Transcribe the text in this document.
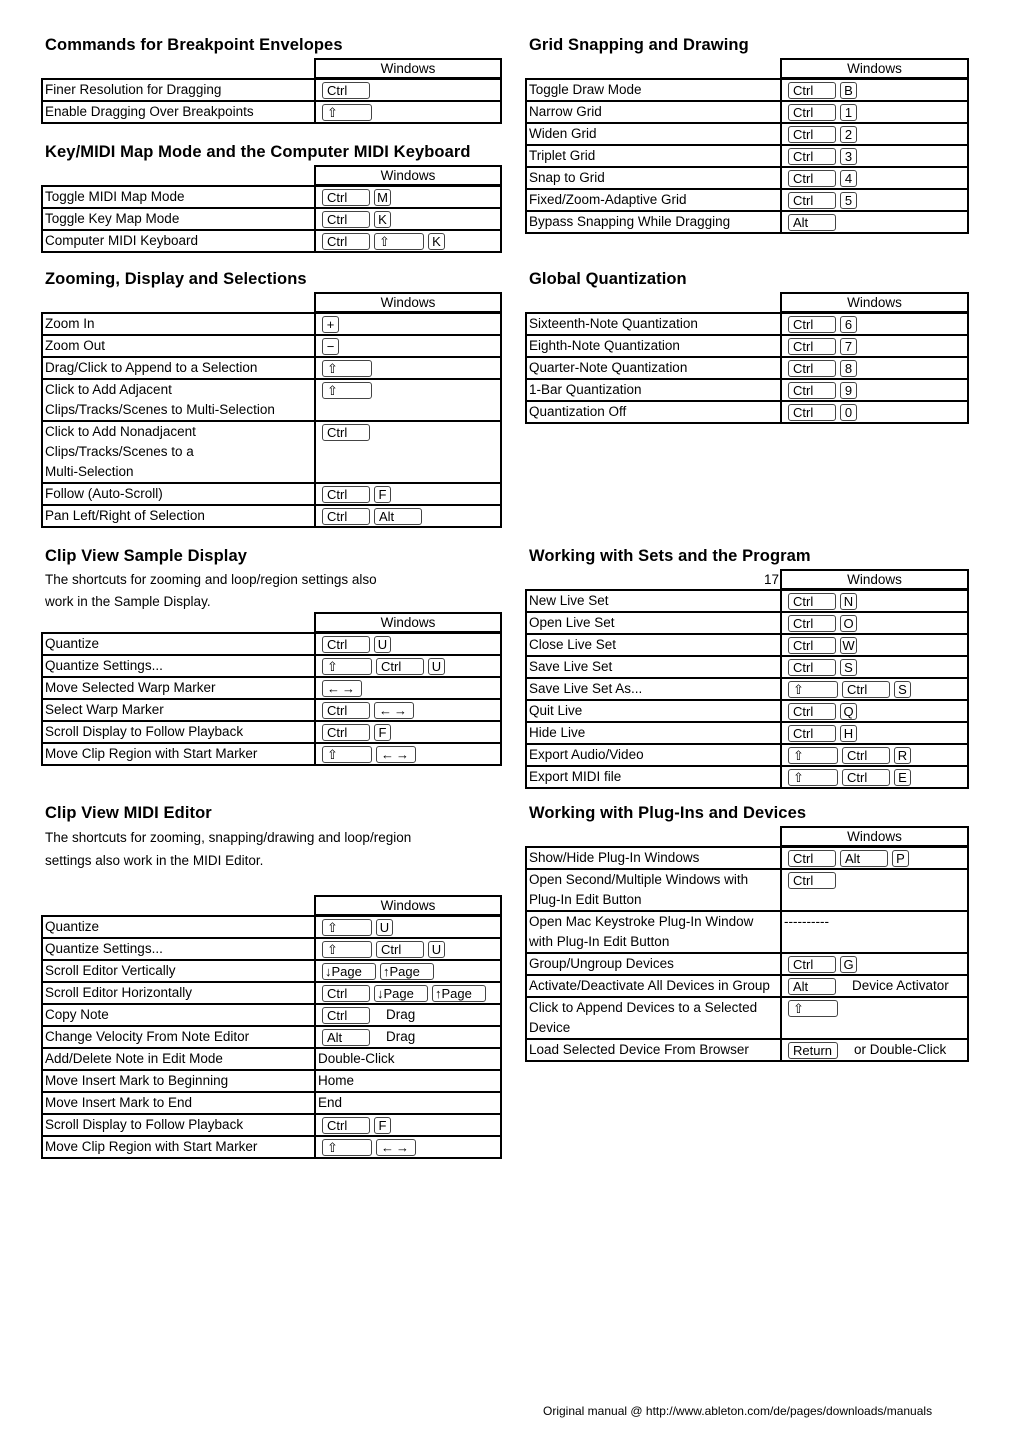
Commands for Breakpoint Envelopes
Windows
Finer Resolution for Dragging	Ctrl
Enable Dragging Over Breakpoints	⇧
Key/MIDI Map Mode and the Computer MIDI Keyboard
Windows
Toggle MIDI Map Mode	Ctrl M
Toggle Key Map Mode	Ctrl K
Computer MIDI Keyboard	Ctrl ⇧ K
Zooming, Display and Selections
Windows
Zoom In	+
Zoom Out	−
Drag/Click to Append to a Selection	⇧

Click to Add Adjacent
Clips/Tracks/Scenes to Multi-Selection	⇧

Click to Add Nonadjacent
Clips/Tracks/Scenes to a
Multi-Selection	Ctrl
Follow (Auto-Scroll)	Ctrl F
Pan Left/Right of Selection	Ctrl Alt
Clip View Sample Display
The shortcuts for zooming and loop/region settings also
work in the Sample Display.
Windows
Quantize	Ctrl U
Quantize Settings...	⇧ Ctrl U
Move Selected Warp Marker	←→
Select Warp Marker	Ctrl ←→
Scroll Display to Follow Playback	Ctrl F
Move Clip Region with Start Marker	⇧ ←→
Clip View MIDI Editor
The shortcuts for zooming, snapping/drawing and loop/region
settings also work in the MIDI Editor.
Windows
Quantize	⇧ U
Quantize Settings...	⇧ Ctrl U
Scroll Editor Vertically	↓Page ↑Page
Scroll Editor Horizontally	Ctrl ↓Page ↑Page
Copy Note	Ctrl Drag
Change Velocity From Note Editor	Alt Drag
Add/Delete Note in Edit Mode	Double-Click
Move Insert Mark to Beginning	Home
Move Insert Mark to End	End
Scroll Display to Follow Playback	Ctrl F
Move Clip Region with Start Marker	⇧ ←→
Grid Snapping and Drawing
Windows
Toggle Draw Mode	Ctrl B
Narrow Grid	Ctrl 1
Widen Grid	Ctrl 2
Triplet Grid	Ctrl 3
Snap to Grid	Ctrl 4
Fixed/Zoom-Adaptive Grid	Ctrl 5
Bypass Snapping While Dragging	Alt
Global Quantization
Windows
Sixteenth-Note Quantization	Ctrl 6
Eighth-Note Quantization	Ctrl 7
Quarter-Note Quantization	Ctrl 8
1-Bar Quantization	Ctrl 9
Quantization Off	Ctrl 0
Working with Sets and the Program
17	Windows
New Live Set	Ctrl N
Open Live Set	Ctrl O
Close Live Set	Ctrl W
Save Live Set	Ctrl S
Save Live Set As...	⇧ Ctrl S
Quit Live	Ctrl Q
Hide Live	Ctrl H
Export Audio/Video	⇧ Ctrl R
Export MIDI file	⇧ Ctrl E
Working with Plug-Ins and Devices
Windows
Show/Hide Plug-In Windows	Ctrl Alt P

Open Second/Multiple Windows with
Plug-In Edit Button	Ctrl

Open Mac Keystroke Plug-In Window
with Plug-In Edit Button	----------
Group/Ungroup Devices	Ctrl G
Activate/Deactivate All Devices in Group	Alt Device Activator

Click to Append Devices to a Selected
Device	⇧
Load Selected Device From Browser	Return or Double-Click
Original manual @ http://www.ableton.com/de/pages/downloads/manuals
